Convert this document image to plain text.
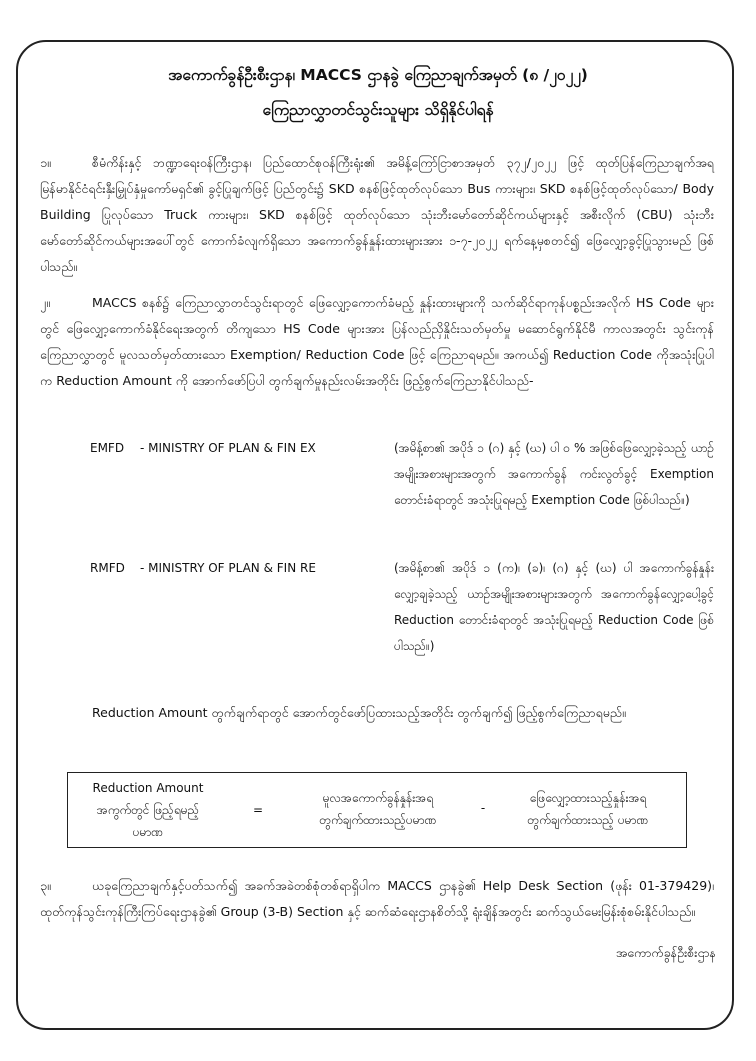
အကောက်ခွန်ဦးစီးဌာန၊ MACCS ဌာနခွဲ ကြေညာချက်အမှတ် (၈ /၂၀၂၂)
ကြေညာလွှာတင်သွင်းသူများ သိရှိနိုင်ပါရန်

၁။	စီမံကိန်းနှင့် ဘဏ္ဍာရေးဝန်ကြီးဌာန၊ ပြည်ထောင်စုဝန်ကြီးရုံး၏ အမိန့်ကြော်ငြာစာအမှတ် ၃၇၂/၂၀၂၂ ဖြင့် ထုတ်ပြန်ကြေညာချက်အရ မြန်မာနိုင်ငံရင်းနှီးမြှုပ်နှံမှုကော်မရှင်၏ ခွင့်ပြုချက်ဖြင့် ပြည်တွင်း၌ SKD စနစ်ဖြင့်ထုတ်လုပ်သော Bus ကားများ၊ SKD စနစ်ဖြင့်ထုတ်လုပ်သော/ Body Building ပြုလုပ်သော Truck ကားများ၊ SKD စနစ်ဖြင့် ထုတ်လုပ်သော သုံးဘီးမော်တော်ဆိုင်ကယ်များနှင့် အစီးလိုက် (CBU) သုံးဘီးမော်တော်ဆိုင်ကယ်များအပေါ်တွင် ကောက်ခံလျက်ရှိသော အကောက်ခွန်နှုန်းထားများအား ၁-၇-၂၀၂၂ ရက်နေ့မှစတင်၍ ဖြေလျှော့ခွင့်ပြုသွားမည် ဖြစ်ပါသည်။

၂။	MACCS စနစ်၌ ကြေညာလွှာတင်သွင်းရာတွင် ဖြေလျှော့ကောက်ခံမည့် နှုန်းထားများကို သက်ဆိုင်ရာကုန်ပစ္စည်းအလိုက် HS Code များတွင် ဖြေလျှော့ကောက်ခံနိုင်ရေးအတွက် တိကျသော HS Code များအား ပြန်လည်ညှိနှိုင်းသတ်မှတ်မှု မဆောင်ရွက်နိုင်မီ ကာလအတွင်း သွင်းကုန်ကြေညာလွှာတွင် မူလသတ်မှတ်ထားသော Exemption/ Reduction Code ဖြင့် ကြေညာရမည်။ အကယ်၍ Reduction Code ကိုအသုံးပြုပါက Reduction Amount ကို အောက်ဖော်ပြပါ တွက်ချက်မှုနည်းလမ်းအတိုင်း ဖြည့်စွက်ကြေညာနိုင်ပါသည်-

EMFD - MINISTRY OF PLAN & FIN EX	(အမိန့်စာ၏ အပိုဒ် ၁ (ဂ) နှင့် (ဃ) ပါ ၀ % အဖြစ်ဖြေလျှော့ခဲ့သည့် ယာဉ်အမျိုးအစားများအတွက် အကောက်ခွန် ကင်းလွတ်ခွင့် Exemption တောင်းခံရာတွင် အသုံးပြုရမည့် Exemption Code ဖြစ်ပါသည်။)
RMFD - MINISTRY OF PLAN & FIN RE	(အမိန့်စာ၏ အပိုဒ် ၁ (က)၊ (ခ)၊ (ဂ) နှင့် (ဃ) ပါ အကောက်ခွန်နှုန်းလျှော့ချခဲ့သည့် ယာဉ်အမျိုးအစားများအတွက် အကောက်ခွန်လျှော့ပေါ့ခွင့် Reduction တောင်းခံရာတွင် အသုံးပြုရမည့် Reduction Code ဖြစ်ပါသည်။)

Reduction Amount တွက်ချက်ရာတွင် အောက်တွင်ဖော်ပြထားသည့်အတိုင်း တွက်ချက်၍ ဖြည့်စွက်ကြေညာရမည်။

Reduction Amount
အကွက်တွင် ဖြည့်ရမည့်
ပမာဏ
=
မူလအကောက်ခွန်နှုန်းအရ
တွက်ချက်ထားသည့်ပမာဏ
-
ဖြေလျှော့ထားသည့်နှုန်းအရ
တွက်ချက်ထားသည့် ပမာဏ

၃။	ယခုကြေညာချက်နှင့်ပတ်သက်၍ အခက်အခဲတစ်စုံတစ်ရာရှိပါက MACCS ဌာနခွဲ၏ Help Desk Section (ဖုန်း 01-379429)၊ ထုတ်ကုန်သွင်းကုန်ကြီးကြပ်ရေးဌာနခွဲ၏ Group (3-B) Section နှင့် ဆက်ဆံရေးဌာနစိတ်သို့ ရုံးချိန်အတွင်း ဆက်သွယ်မေးမြန်းစုံစမ်းနိုင်ပါသည်။

အကောက်ခွန်ဦးစီးဌာန
